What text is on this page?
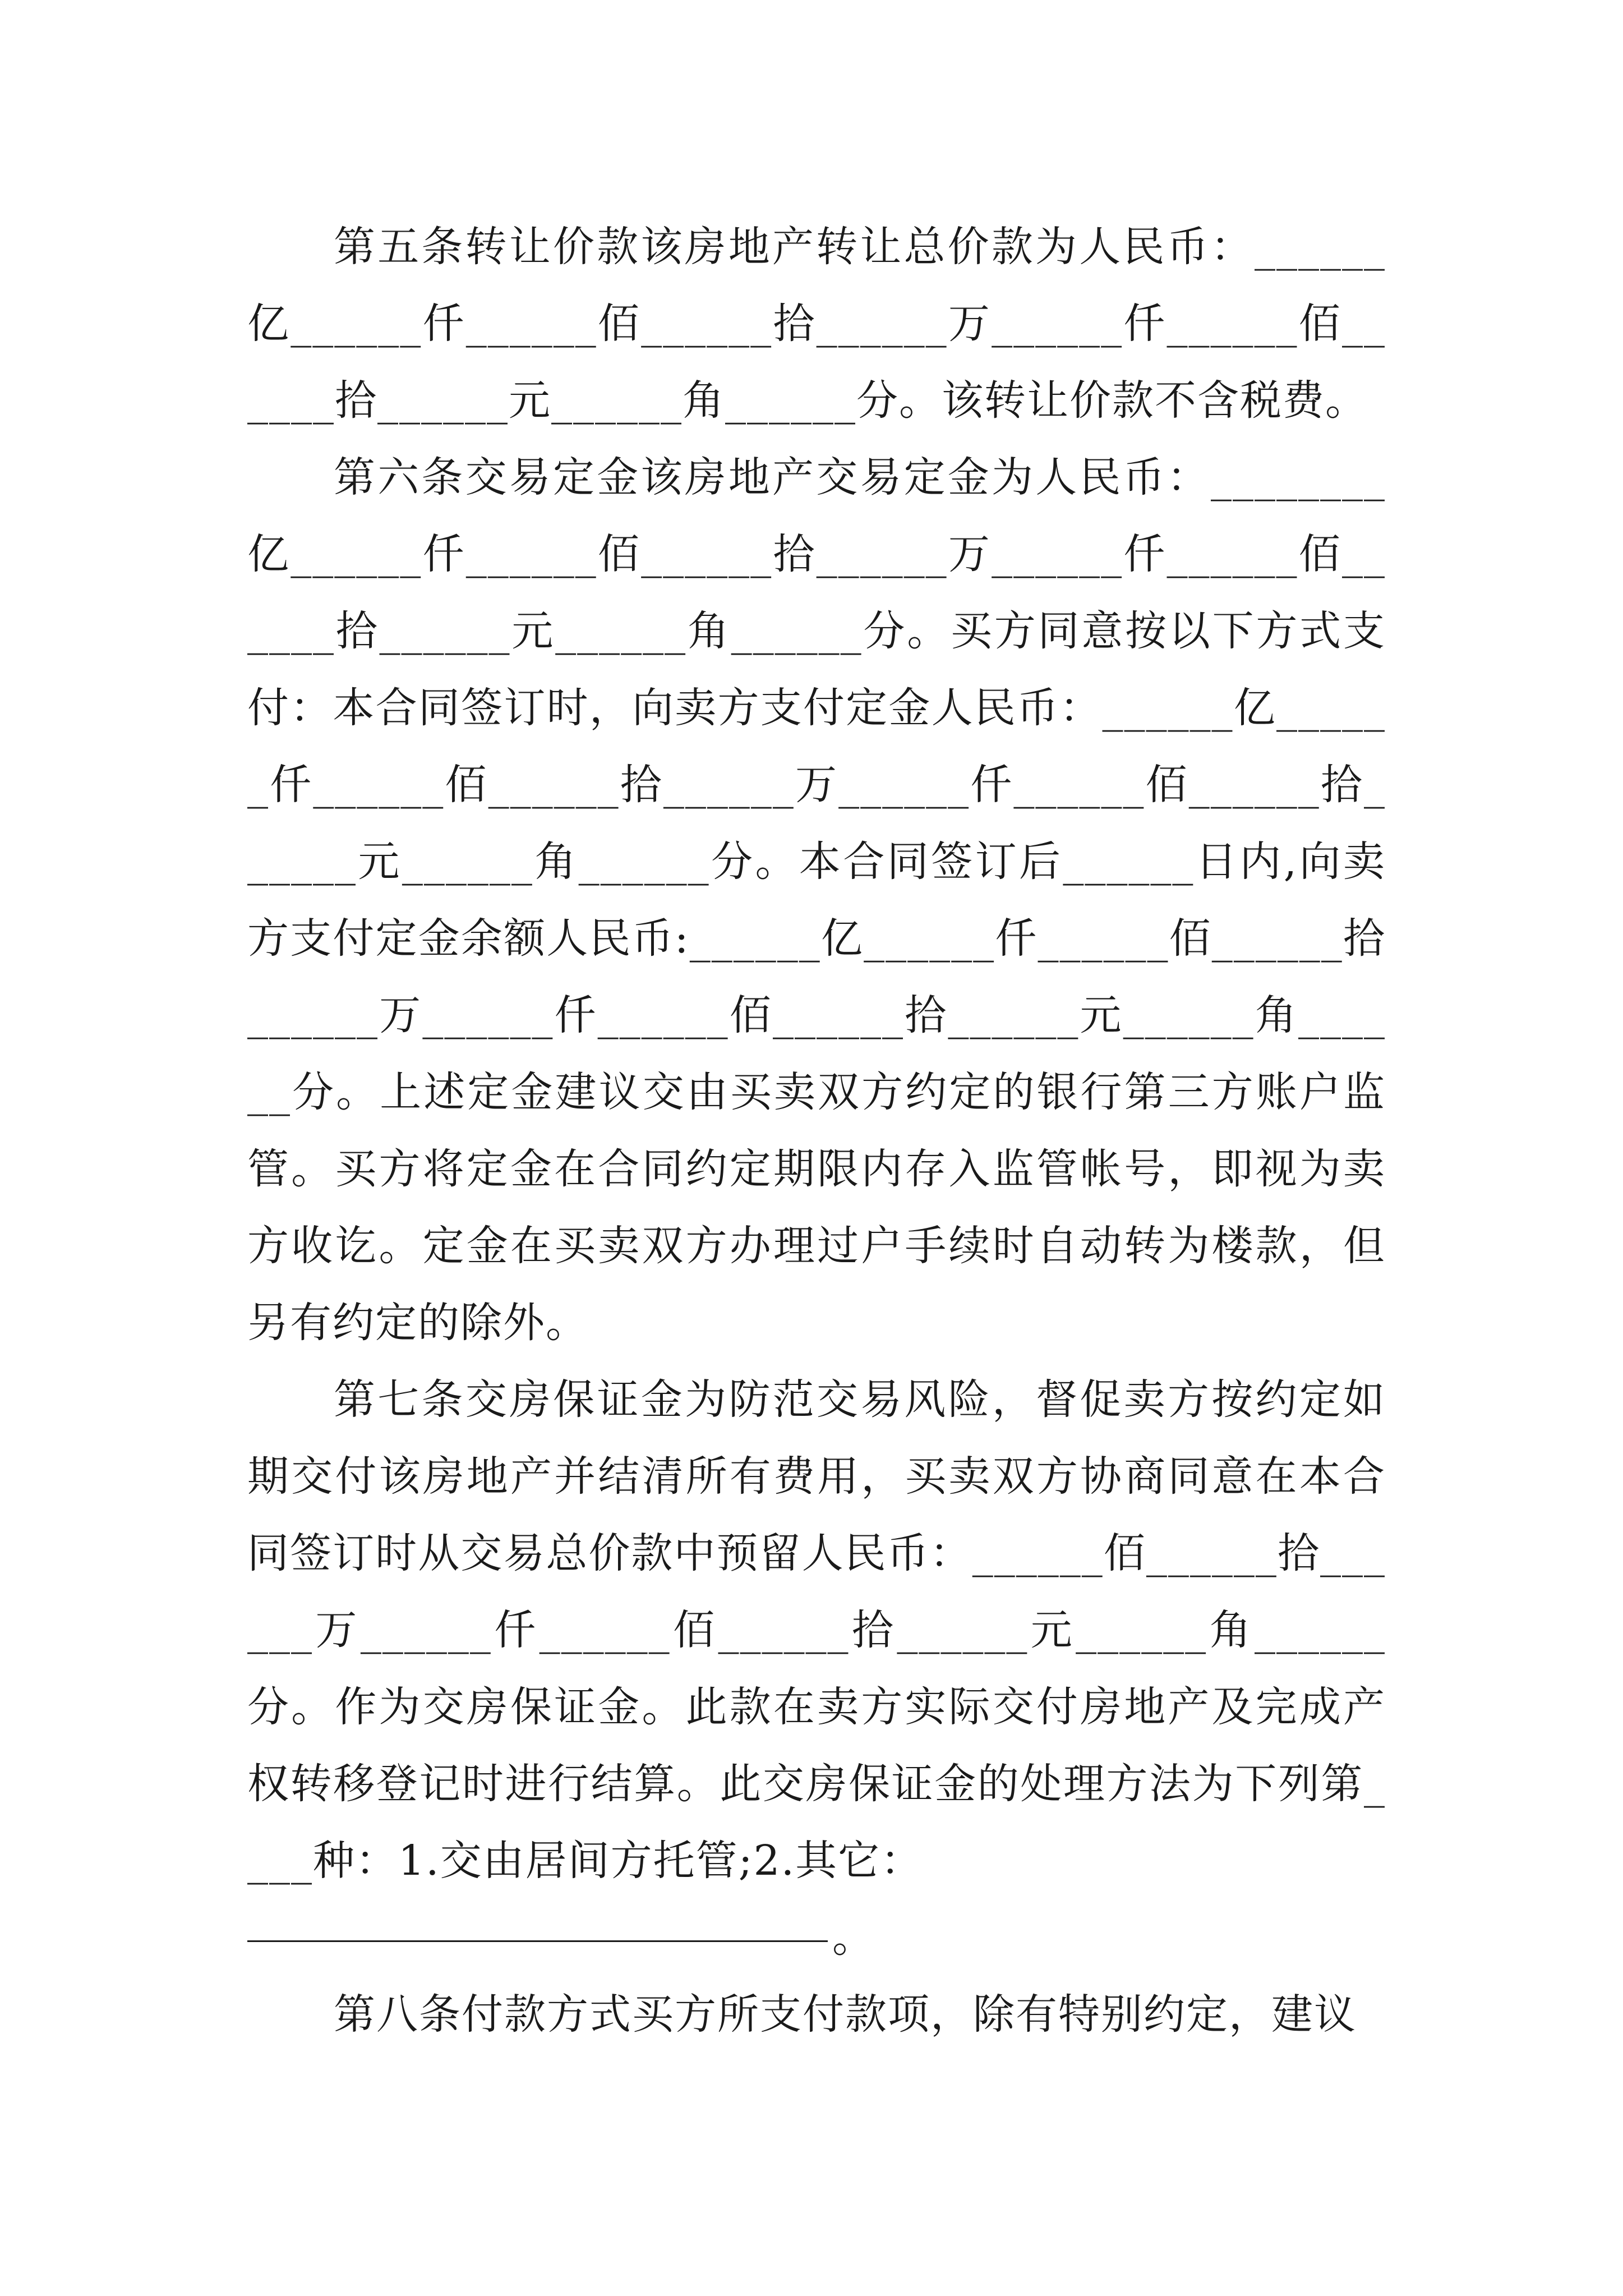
第五条转让价款该房地产转让总价款为人民币：______亿______仟______佰______拾______万______仟______佰______拾______元______角______分。该转让价款不含税费。

第六条交易定金该房地产交易定金为人民币：________亿______仟______佰______拾______万______仟______佰______拾______元______角______分。买方同意按以下方式支付：本合同签订时，向卖方支付定金人民币：______亿______仟______佰______拾______万______仟______佰______拾______元______角______分。本合同签订后______日内,向卖方支付定金余额人民币:______亿______仟______佰______拾______万______仟______佰______拾______元______角______分。上述定金建议交由买卖双方约定的银行第三方账户监管。买方将定金在合同约定期限内存入监管帐号，即视为卖方收讫。定金在买卖双方办理过户手续时自动转为楼款，但另有约定的除外。

第七条交房保证金为防范交易风险，督促卖方按约定如期交付该房地产并结清所有费用，买卖双方协商同意在本合同签订时从交易总价款中预留人民币：______佰______拾______万______仟______佰______拾______元______角______分。作为交房保证金。此款在卖方实际交付房地产及完成产权转移登记时进行结算。此交房保证金的处理方法为下列第____种：1.交由居间方托管;2.其它：

。

第八条付款方式买方所支付款项，除有特别约定，建议
